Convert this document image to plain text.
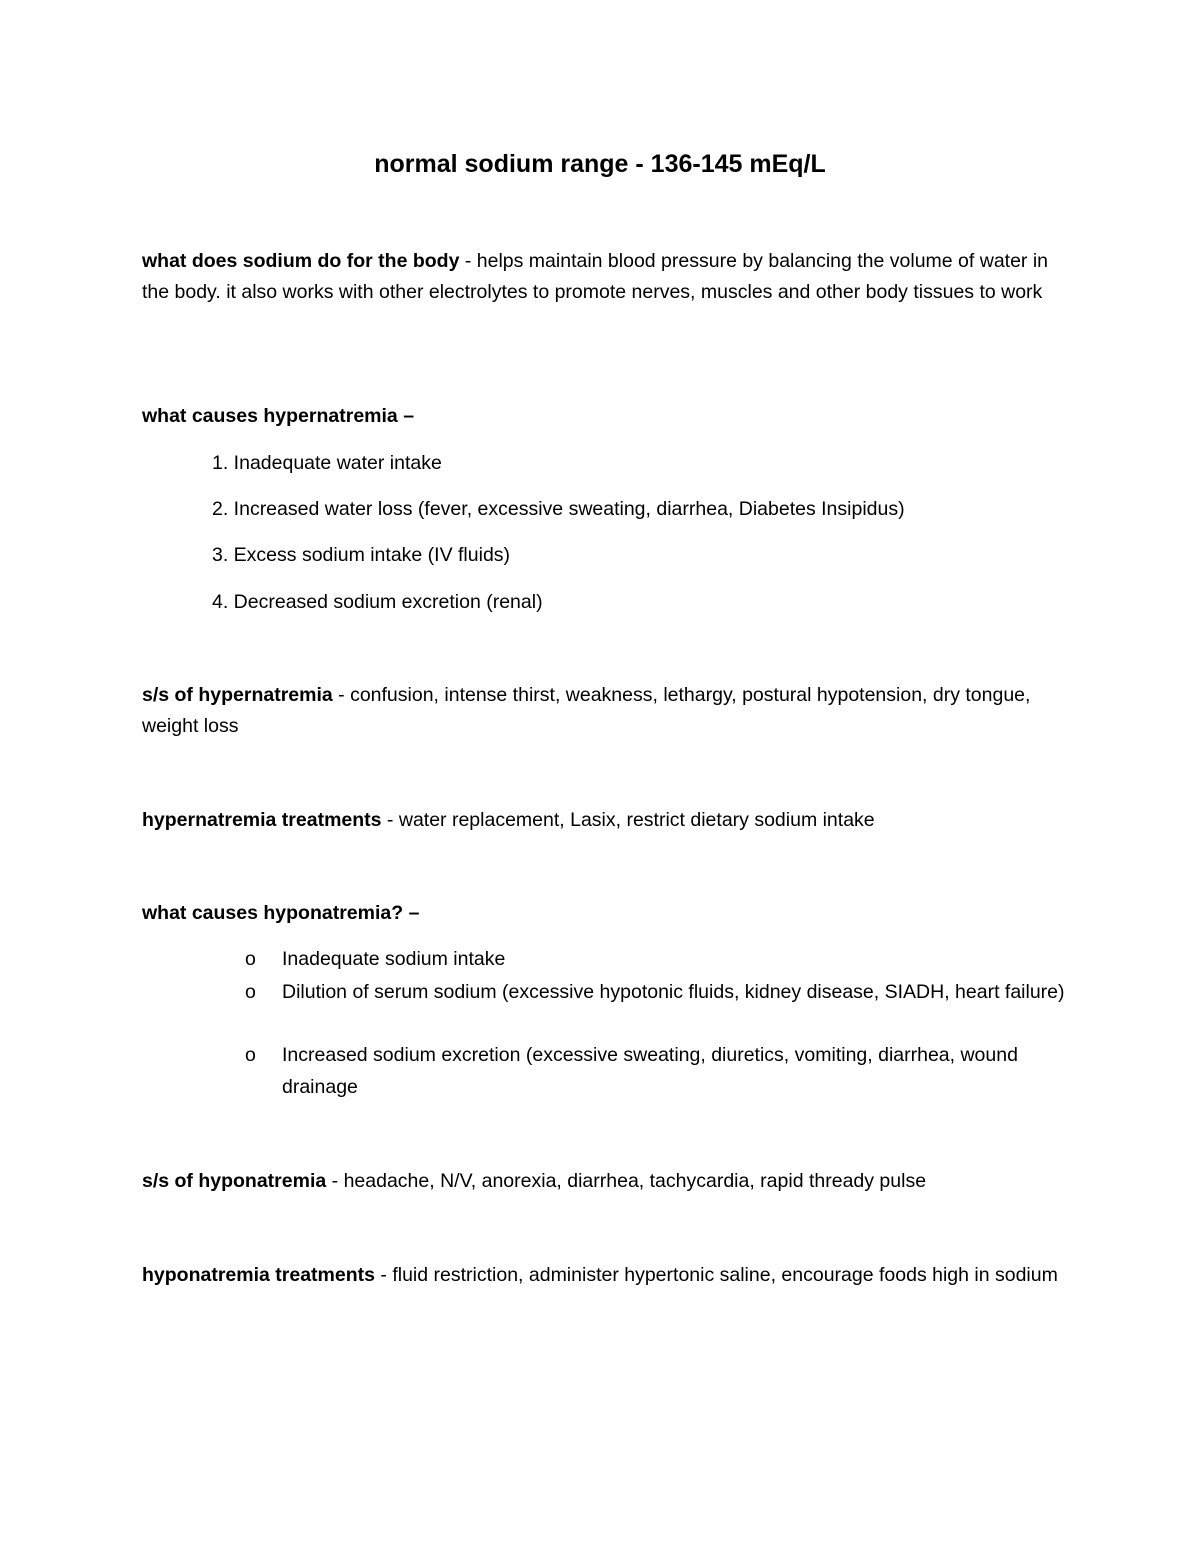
normal sodium range - 136-145 mEq/L

what does sodium do for the body - helps maintain blood pressure by balancing the volume of water in the body. it also works with other electrolytes to promote nerves, muscles and other body tissues to work

what causes hypernatremia –

1. Inadequate water intake

2. Increased water loss (fever, excessive sweating, diarrhea, Diabetes Insipidus)

3. Excess sodium intake (IV fluids)

4. Decreased sodium excretion (renal)

s/s of hypernatremia - confusion, intense thirst, weakness, lethargy, postural hypotension, dry tongue, weight loss

hypernatremia treatments - water replacement, Lasix, restrict dietary sodium intake

what causes hyponatremia? –

o	Inadequate sodium intake
o	Dilution of serum sodium (excessive hypotonic fluids, kidney disease, SIADH, heart failure)
o	Increased sodium excretion (excessive sweating, diuretics, vomiting, diarrhea, wound drainage

s/s of hyponatremia - headache, N/V, anorexia, diarrhea, tachycardia, rapid thready pulse

hyponatremia treatments - fluid restriction, administer hypertonic saline, encourage foods high in sodium
